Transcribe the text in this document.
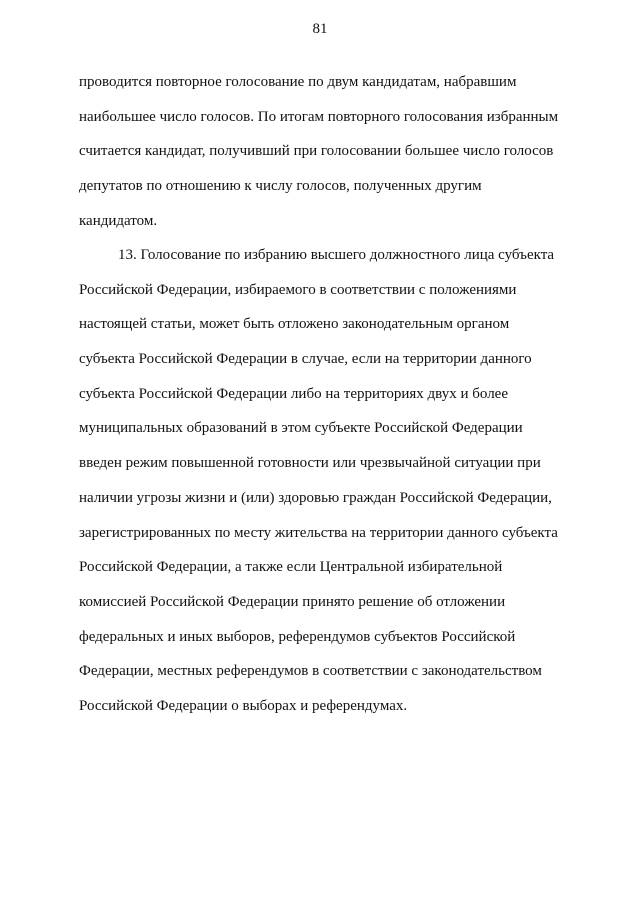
81
проводится повторное голосование по двум кандидатам, набравшим
наибольшее число голосов. По итогам повторного голосования избранным
считается кандидат, получивший при голосовании большее число голосов
депутатов по отношению к числу голосов, полученных другим
кандидатом.
13. Голосование по избранию высшего должностного лица субъекта
Российской Федерации, избираемого в соответствии с положениями
настоящей статьи, может быть отложено законодательным органом
субъекта Российской Федерации в случае, если на территории данного
субъекта Российской Федерации либо на территориях двух и более
муниципальных образований в этом субъекте Российской Федерации
введен режим повышенной готовности или чрезвычайной ситуации при
наличии угрозы жизни и (или) здоровью граждан Российской Федерации,
зарегистрированных по месту жительства на территории данного субъекта
Российской Федерации, а также если Центральной избирательной
комиссией Российской Федерации принято решение об отложении
федеральных и иных выборов, референдумов субъектов Российской
Федерации, местных референдумов в соответствии с законодательством
Российской Федерации о выборах и референдумах.
